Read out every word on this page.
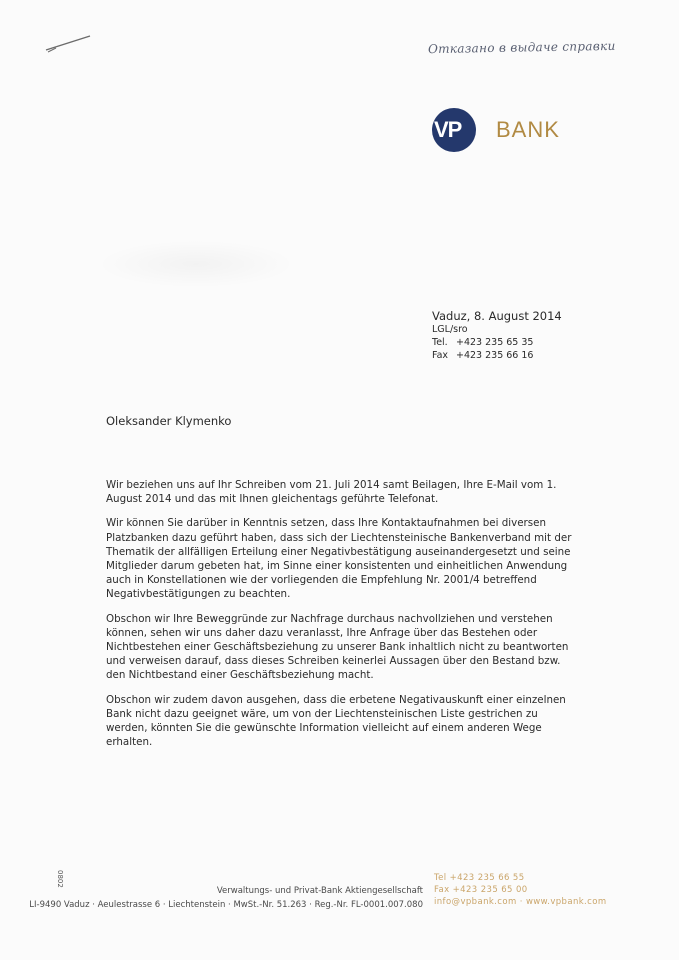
Отказано в выдаче справки
VP	BANK
Vaduz, 8. August 2014
LGL/sro
Tel. +423 235 65 35
Fax +423 235 66 16
Oleksander Klymenko

Wir beziehen uns auf Ihr Schreiben vom 21. Juli 2014 samt Beilagen, Ihre E-Mail vom 1. August 2014 und das mit Ihnen gleichentags geführte Telefonat.

Wir können Sie darüber in Kenntnis setzen, dass Ihre Kontaktaufnahmen bei diversen Platzbanken dazu geführt haben, dass sich der Liechtensteinische Bankenverband mit der Thematik der allfälligen Erteilung einer Negativbestätigung auseinandergesetzt und seine Mitglieder darum gebeten hat, im Sinne einer konsistenten und einheitlichen Anwendung auch in Konstellationen wie der vorliegenden die Empfehlung Nr. 2001/4 betreffend Negativbestätigungen zu beachten.

Obschon wir Ihre Beweggründe zur Nachfrage durchaus nachvollziehen und verstehen können, sehen wir uns daher dazu veranlasst, Ihre Anfrage über das Bestehen oder Nichtbestehen einer Geschäftsbeziehung zu unserer Bank inhaltlich nicht zu beantworten und verweisen darauf, dass dieses Schreiben keinerlei Aussagen über den Bestand bzw. den Nichtbestand einer Geschäftsbeziehung macht.

Obschon wir zudem davon ausgehen, dass die erbetene Negativauskunft einer einzelnen Bank nicht dazu geeignet wäre, um von der Liechtensteinischen Liste gestrichen zu werden, könnten Sie die gewünschte Information vielleicht auf einem anderen Wege erhalten.

0802
Verwaltungs- und Privat-Bank Aktiengesellschaft
LI-9490 Vaduz · Aeulestrasse 6 · Liechtenstein · MwSt.-Nr. 51.263 · Reg.-Nr. FL-0001.007.080
Tel +423 235 66 55
Fax +423 235 65 00
info@vpbank.com · www.vpbank.com
